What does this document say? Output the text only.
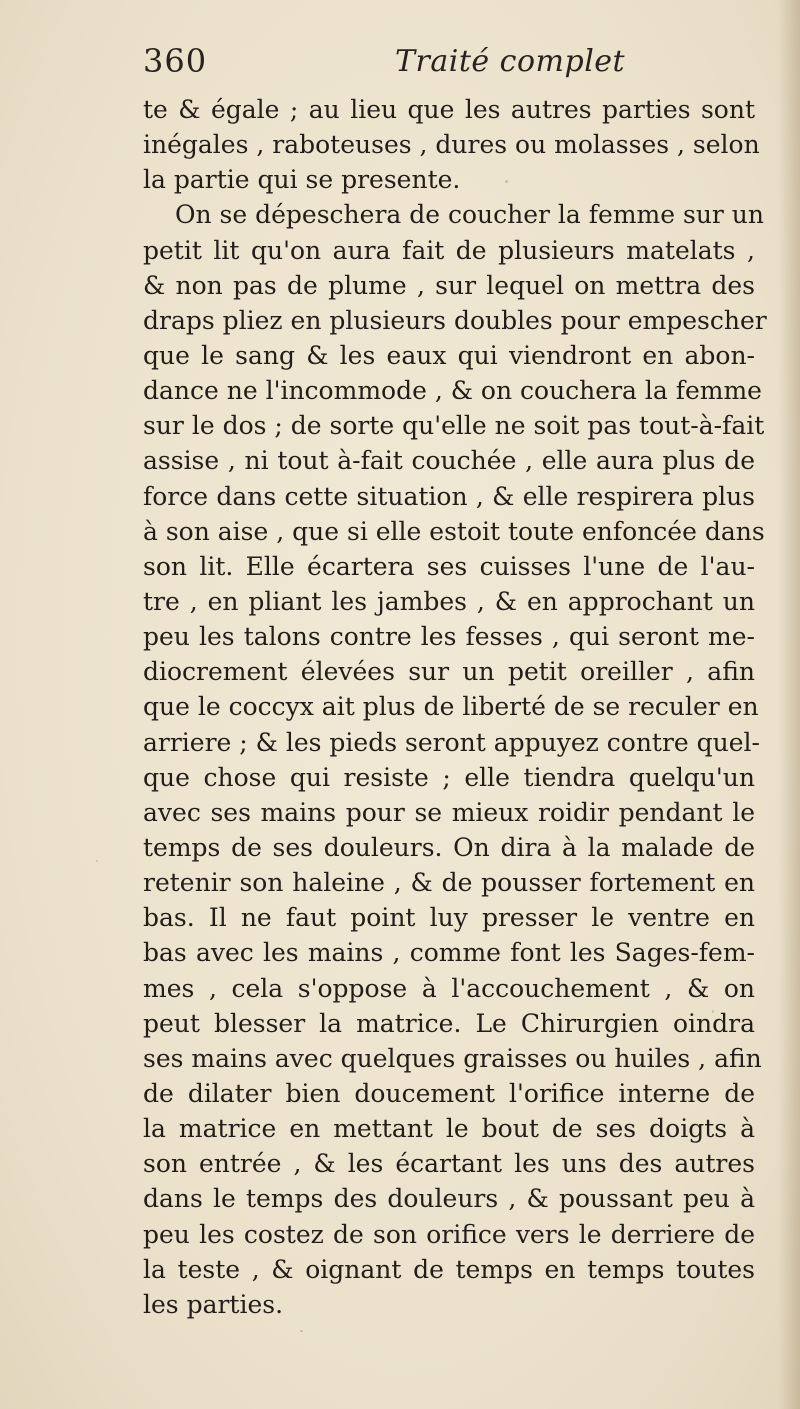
360	Traité complet
te & égale ; au lieu que les autres parties sont
inégales , raboteuses , dures ou molasses , selon
la partie qui se presente.
On se dépeschera de coucher la femme sur un
petit lit qu'on aura fait de plusieurs matelats ,
& non pas de plume , sur lequel on mettra des
draps pliez en plusieurs doubles pour empescher
que le sang & les eaux qui viendront en abon-
dance ne l'incommode , & on couchera la femme
sur le dos ; de sorte qu'elle ne soit pas tout-à-fait
assise , ni tout à-fait couchée , elle aura plus de
force dans cette situation , & elle respirera plus
à son aise , que si elle estoit toute enfoncée dans
son lit. Elle écartera ses cuisses l'une de l'au-
tre , en pliant les jambes , & en approchant un
peu les talons contre les fesses , qui seront me-
diocrement élevées sur un petit oreiller , afin
que le coccyx ait plus de liberté de se reculer en
arriere ; & les pieds seront appuyez contre quel-
que chose qui resiste ; elle tiendra quelqu'un
avec ses mains pour se mieux roidir pendant le
temps de ses douleurs. On dira à la malade de
retenir son haleine , & de pousser fortement en
bas. Il ne faut point luy presser le ventre en
bas avec les mains , comme font les Sages-fem-
mes , cela s'oppose à l'accouchement , & on
peut blesser la matrice. Le Chirurgien oindra
ses mains avec quelques graisses ou huiles , afin
de dilater bien doucement l'orifice interne de
la matrice en mettant le bout de ses doigts à
son entrée , & les écartant les uns des autres
dans le temps des douleurs , & poussant peu à
peu les costez de son orifice vers le derriere de
la teste , & oignant de temps en temps toutes
les parties.
